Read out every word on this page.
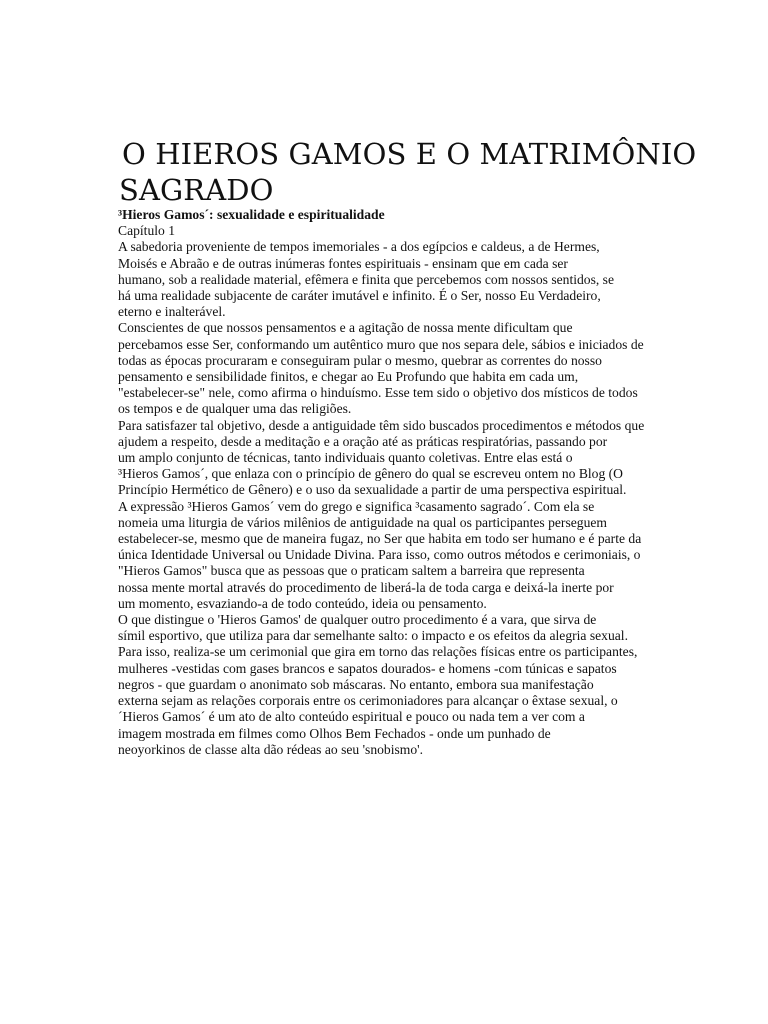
O HIEROS GAMOS E O MATRIMÔNIO
SAGRADO
³Hieros Gamos´: sexualidade e espiritualidade
Capítulo 1
A sabedoria proveniente de tempos imemoriales - a dos egípcios e caldeus, a de Hermes,
Moisés e Abraão e de outras inúmeras fontes espirituais - ensinam que em cada ser
humano, sob a realidade material, efêmera e finita que percebemos com nossos sentidos, se
há uma realidade subjacente de caráter imutável e infinito. É o Ser, nosso Eu Verdadeiro,
eterno e inalterável.
Conscientes de que nossos pensamentos e a agitação de nossa mente dificultam que
percebamos esse Ser, conformando um autêntico muro que nos separa dele, sábios e iniciados de
todas as épocas procuraram e conseguiram pular o mesmo, quebrar as correntes do nosso
pensamento e sensibilidade finitos, e chegar ao Eu Profundo que habita em cada um,
"estabelecer-se" nele, como afirma o hinduísmo. Esse tem sido o objetivo dos místicos de todos
os tempos e de qualquer uma das religiões.
Para satisfazer tal objetivo, desde a antiguidade têm sido buscados procedimentos e métodos que
ajudem a respeito, desde a meditação e a oração até as práticas respiratórias, passando por
um amplo conjunto de técnicas, tanto individuais quanto coletivas. Entre elas está o
³Hieros Gamos´, que enlaza con o princípio de gênero do qual se escreveu ontem no Blog (O
Princípio Hermético de Gênero) e o uso da sexualidade a partir de uma perspectiva espiritual.
A expressão ³Hieros Gamos´ vem do grego e significa ³casamento sagrado´. Com ela se
nomeia uma liturgia de vários milênios de antiguidade na qual os participantes perseguem
estabelecer-se, mesmo que de maneira fugaz, no Ser que habita em todo ser humano e é parte da
única Identidade Universal ou Unidade Divina. Para isso, como outros métodos e cerimoniais, o
"Hieros Gamos" busca que as pessoas que o praticam saltem a barreira que representa
nossa mente mortal através do procedimento de liberá-la de toda carga e deixá-la inerte por
um momento, esvaziando-a de todo conteúdo, ideia ou pensamento.
O que distingue o 'Hieros Gamos' de qualquer outro procedimento é a vara, que sirva de
símil esportivo, que utiliza para dar semelhante salto: o impacto e os efeitos da alegria sexual.
Para isso, realiza-se um cerimonial que gira em torno das relações físicas entre os participantes,
mulheres -vestidas com gases brancos e sapatos dourados- e homens -com túnicas e sapatos
negros - que guardam o anonimato sob máscaras. No entanto, embora sua manifestação
externa sejam as relações corporais entre os cerimoniadores para alcançar o êxtase sexual, o
´Hieros Gamos´ é um ato de alto conteúdo espiritual e pouco ou nada tem a ver com a
imagem mostrada em filmes como Olhos Bem Fechados - onde um punhado de
neoyorkinos de classe alta dão rédeas ao seu 'snobismo'.
